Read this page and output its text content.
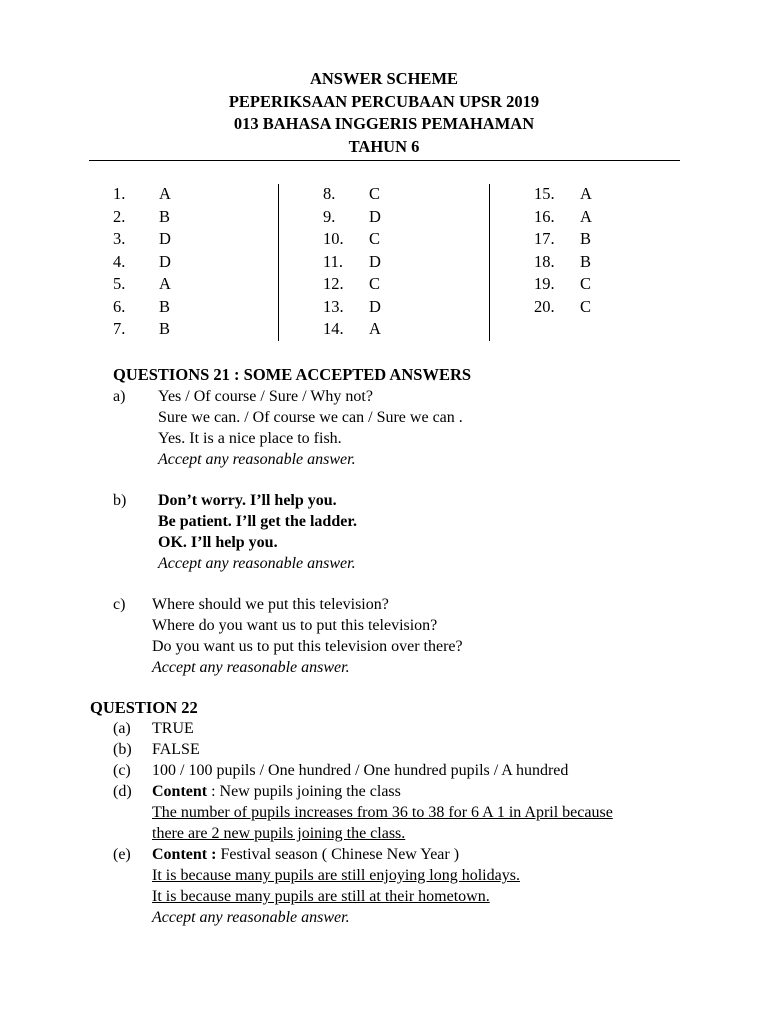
ANSWER SCHEME
PEPERIKSAAN PERCUBAAN UPSR 2019
013 BAHASA INGGERIS PEMAHAMAN
TAHUN 6
1. A
2. B
3. D
4. D
5. A
6. B
7. B
8. C
9. D
10. C
11. D
12. C
13. D
14. A
15. A
16. A
17. B
18. B
19. C
20. C
QUESTIONS 21 : SOME ACCEPTED ANSWERS
a) Yes / Of course / Sure / Why not?
Sure we can. / Of course we can / Sure we can .
Yes. It is a nice place to fish.
Accept any reasonable answer.
b) Don’t worry. I’ll help you.
Be patient. I’ll get the ladder.
OK. I’ll help you.
Accept any reasonable answer.
c) Where should we put this television?
Where do you want us to put this television?
Do you want us to put this television over there?
Accept any reasonable answer.
QUESTION 22
(a) TRUE
(b) FALSE
(c) 100 / 100 pupils / One hundred / One hundred pupils / A hundred
(d) Content : New pupils joining the class
The number of pupils increases from 36 to 38 for 6 A 1 in April because
there are 2 new pupils joining the class.
(e) Content : Festival season ( Chinese New Year )
It is because many pupils are still enjoying long holidays.
It is because many pupils are still at their hometown.
Accept any reasonable answer.
